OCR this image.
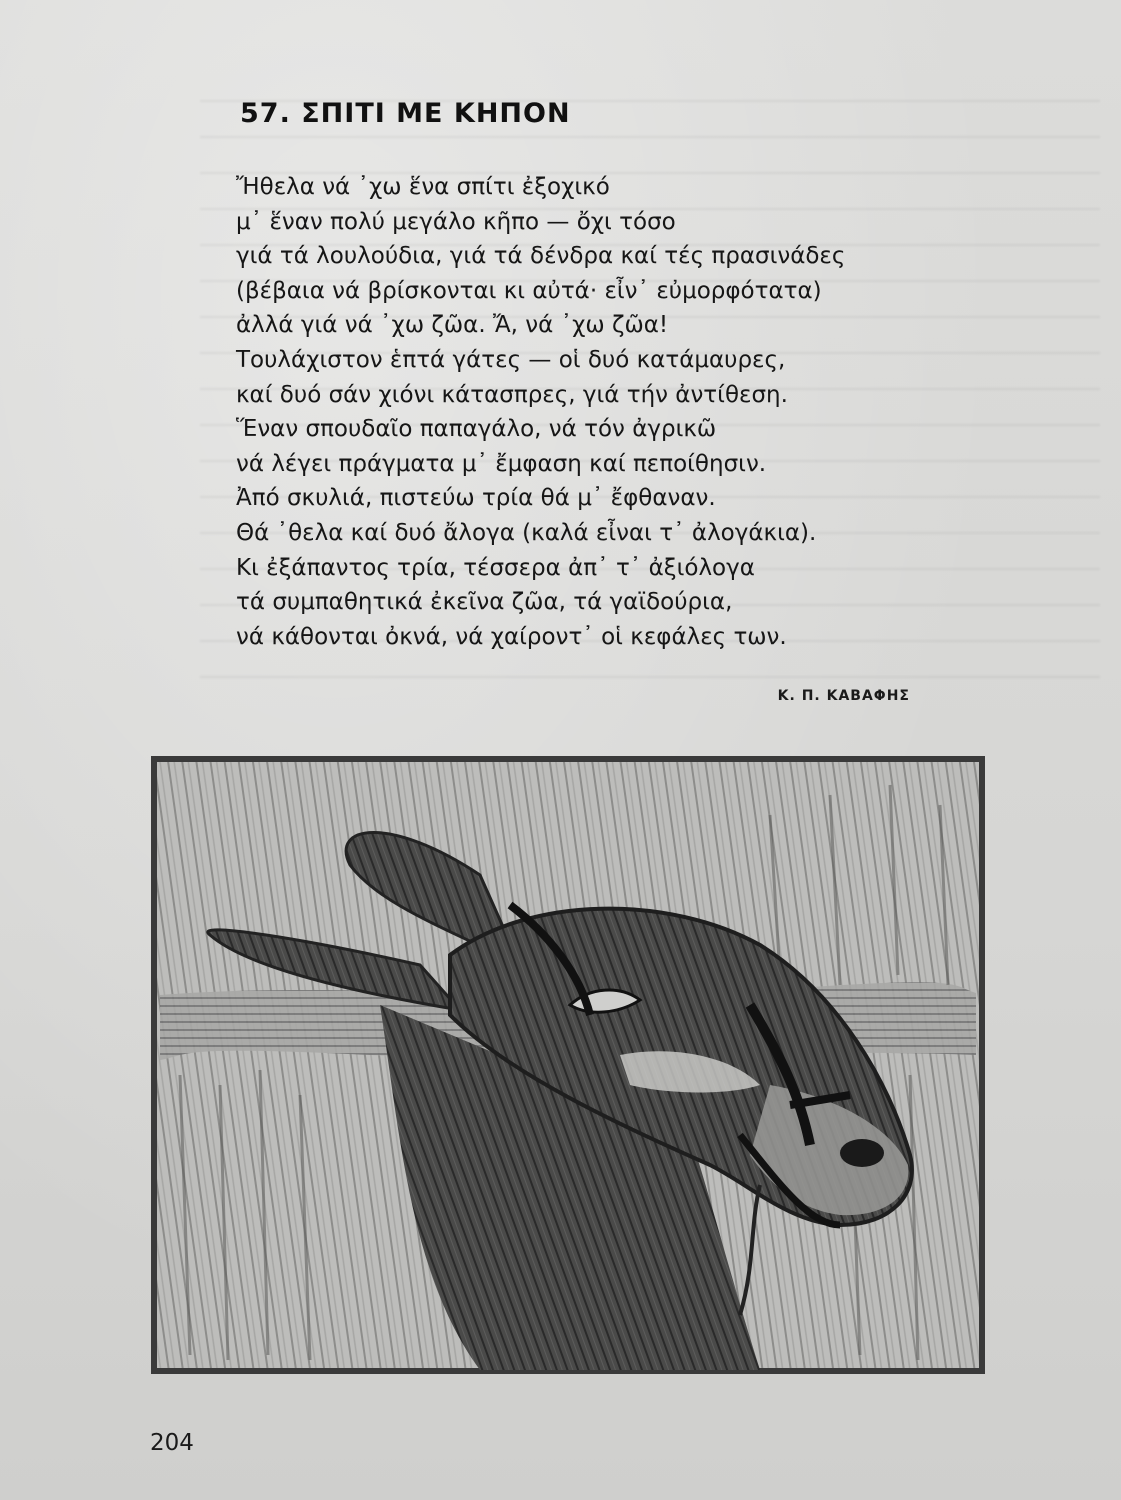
57. ΣΠΙΤΙ ΜΕ ΚΗΠΟΝ
Ἤθελα νά ᾽χω ἕνα σπίτι ἐξοχικό
μ᾽ ἕναν πολύ μεγάλο κῆπο — ὄχι τόσο
γιά τά λουλούδια, γιά τά δένδρα καί τές πρασινάδες
(βέβαια νά βρίσκονται κι αὐτά· εἶν᾽ εὐμορφότατα)
ἀλλά γιά νά ᾽χω ζῶα. Ἄ, νά ᾽χω ζῶα!
Τουλάχιστον ἑπτά γάτες — οἱ δυό κατάμαυρες,
καί δυό σάν χιόνι κάτασπρες, γιά τήν ἀντίθεση.
Ἕναν σπουδαῖο παπαγάλο, νά τόν ἀγρικῶ
νά λέγει πράγματα μ᾽ ἔμφαση καί πεποίθησιν.
Ἀπό σκυλιά, πιστεύω τρία θά μ᾽ ἔφθαναν.
Θά ᾽θελα καί δυό ἄλογα (καλά εἶναι τ᾽ ἀλογάκια).
Κι ἐξάπαντος τρία, τέσσερα ἀπ᾽ τ᾽ ἀξιόλογα
τά συμπαθητικά ἐκεῖνα ζῶα, τά γαϊδούρια,
νά κάθονται ὀκνά, νά χαίροντ᾽ οἱ κεφάλες των.
Κ. Π. ΚΑΒΑΦΗΣ
204
